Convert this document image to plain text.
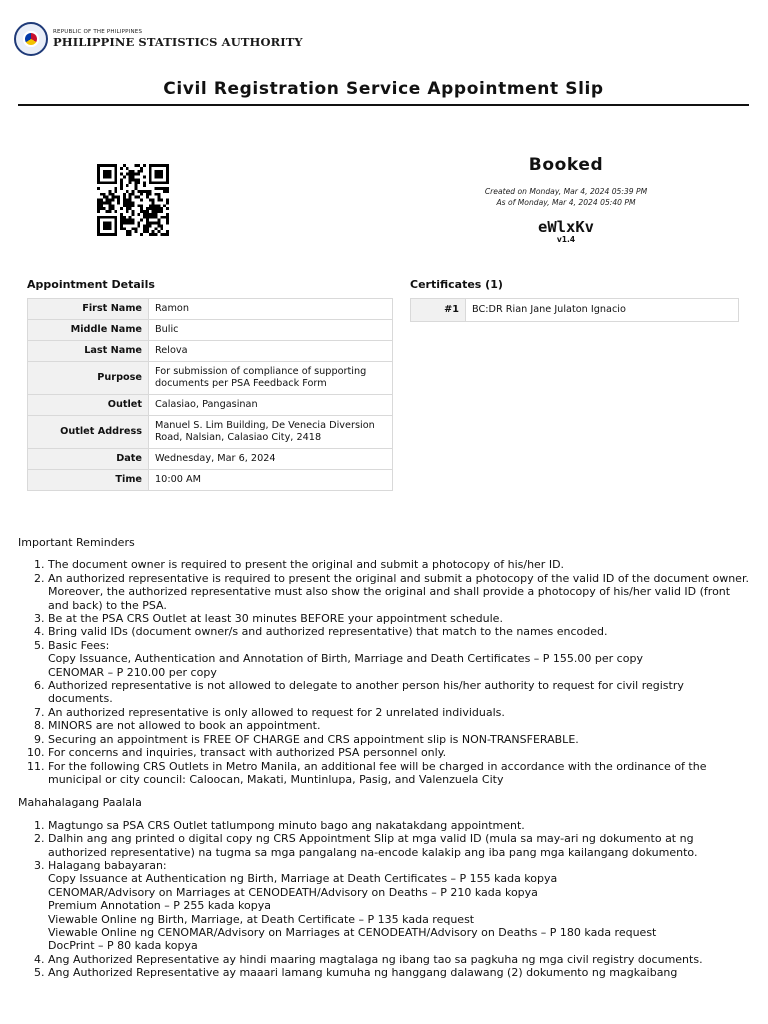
REPUBLIC OF THE PHILIPPINES
PHILIPPINE STATISTICS AUTHORITY
Civil Registration Service Appointment Slip
Booked
Created on Monday, Mar 4, 2024 05:39 PM
As of Monday, Mar 4, 2024 05:40 PM
eWlxKv
v1.4
Appointment Details
First Name	Ramon
Middle Name	Bulic
Last Name	Relova
Purpose	For submission of compliance of supporting documents per PSA Feedback Form
Outlet	Calasiao, Pangasinan
Outlet Address	Manuel S. Lim Building, De Venecia Diversion Road, Nalsian, Calasiao City, 2418
Date	Wednesday, Mar 6, 2024
Time	10:00 AM
Certificates (1)
#1	BC:DR Rian Jane Julaton Ignacio
Important Reminders
1. The document owner is required to present the original and submit a photocopy of his/her ID.
2. An authorized representative is required to present the original and submit a photocopy of the valid ID of the document owner. Moreover, the authorized representative must also show the original and shall provide a photocopy of his/her valid ID (front and back) to the PSA.
3. Be at the PSA CRS Outlet at least 30 minutes BEFORE your appointment schedule.
4. Bring valid IDs (document owner/s and authorized representative) that match to the names encoded.
5. Basic Fees:
Copy Issuance, Authentication and Annotation of Birth, Marriage and Death Certificates – P 155.00 per copy
CENOMAR – P 210.00 per copy
6. Authorized representative is not allowed to delegate to another person his/her authority to request for civil registry documents.
7. An authorized representative is only allowed to request for 2 unrelated individuals.
8. MINORS are not allowed to book an appointment.
9. Securing an appointment is FREE OF CHARGE and CRS appointment slip is NON-TRANSFERABLE.
10. For concerns and inquiries, transact with authorized PSA personnel only.
11. For the following CRS Outlets in Metro Manila, an additional fee will be charged in accordance with the ordinance of the municipal or city council: Caloocan, Makati, Muntinlupa, Pasig, and Valenzuela City
Mahahalagang Paalala
1. Magtungo sa PSA CRS Outlet tatlumpong minuto bago ang nakatakdang appointment.
2. Dalhin ang ang printed o digital copy ng CRS Appointment Slip at mga valid ID (mula sa may-ari ng dokumento at ng authorized representative) na tugma sa mga pangalang na-encode kalakip ang iba pang mga kailangang dokumento.
3. Halagang babayaran:
Copy Issuance at Authentication ng Birth, Marriage at Death Certificates – P 155 kada kopya
CENOMAR/Advisory on Marriages at CENODEATH/Advisory on Deaths – P 210 kada kopya
Premium Annotation – P 255 kada kopya
Viewable Online ng Birth, Marriage, at Death Certificate – P 135 kada request
Viewable Online ng CENOMAR/Advisory on Marriages at CENODEATH/Advisory on Deaths – P 180 kada request
DocPrint – P 80 kada kopya
4. Ang Authorized Representative ay hindi maaring magtalaga ng ibang tao sa pagkuha ng mga civil registry documents.
5. Ang Authorized Representative ay maaari lamang kumuha ng hanggang dalawang (2) dokumento ng magkaibang
